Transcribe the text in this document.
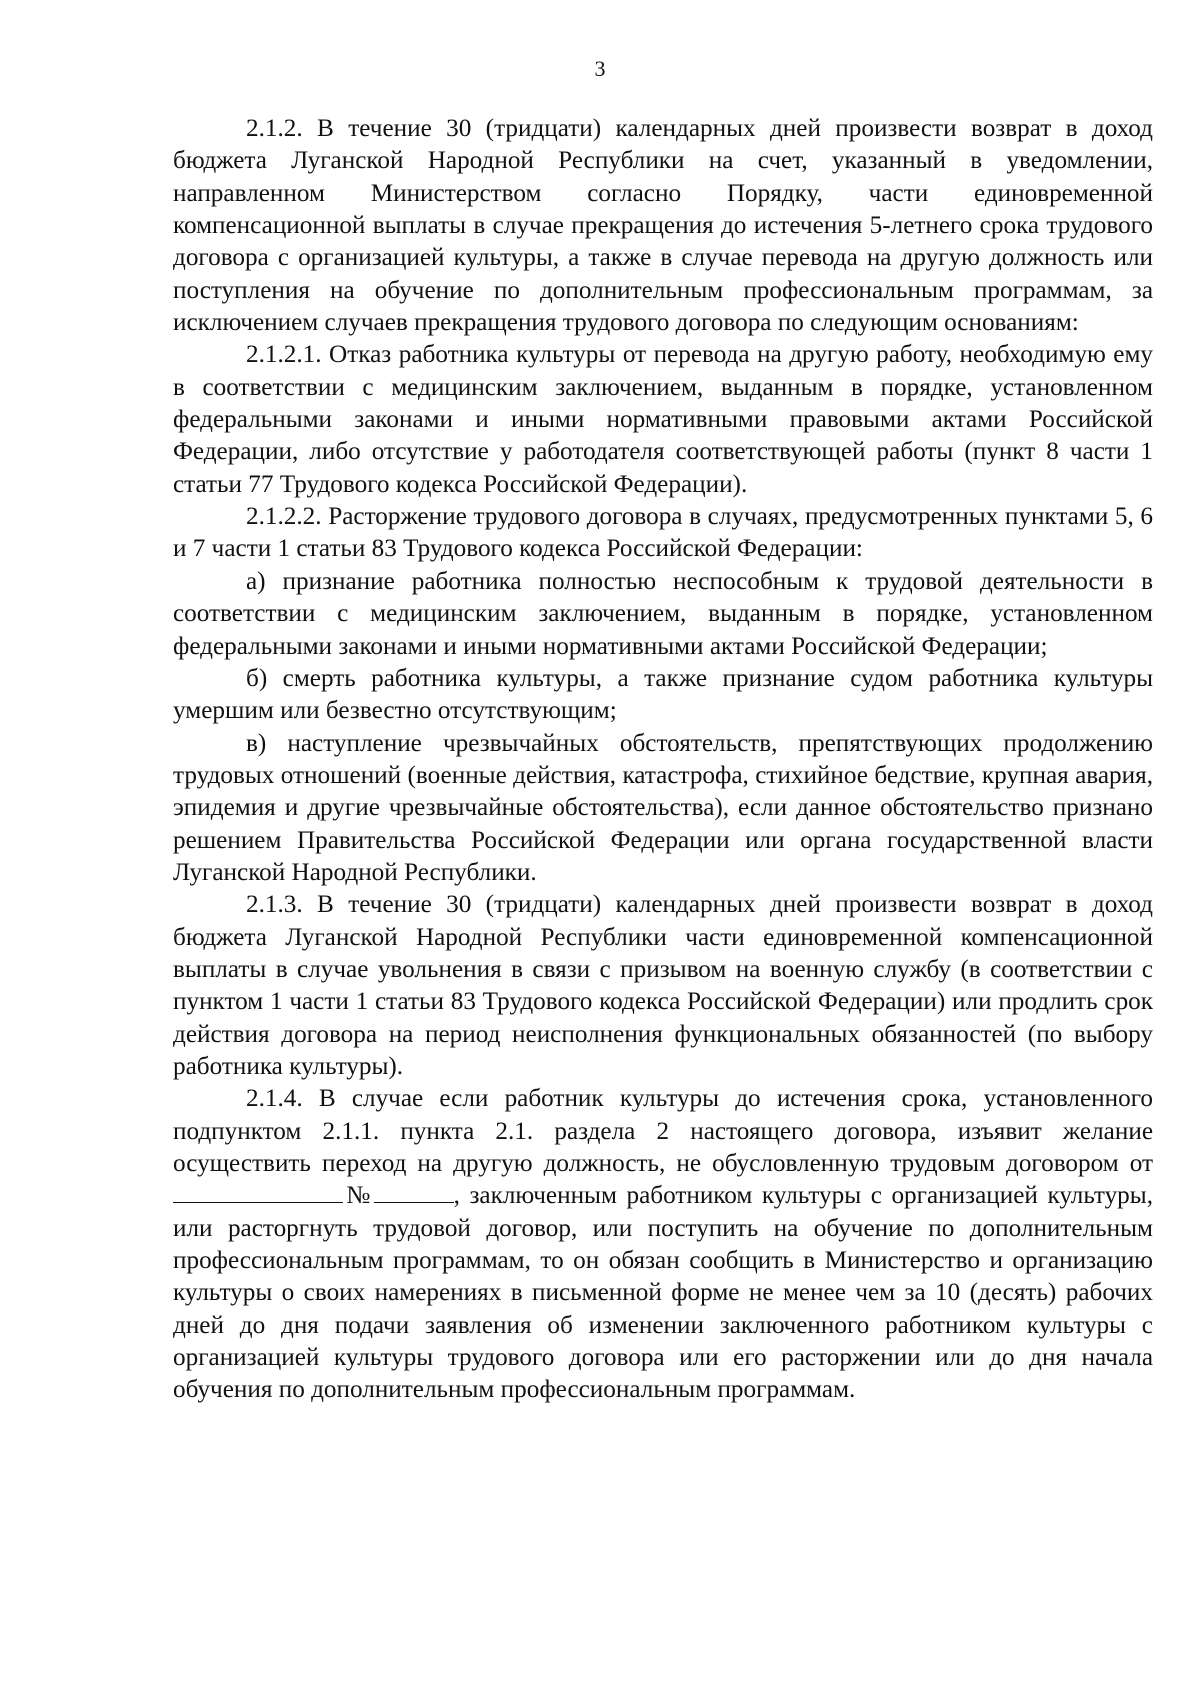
3

2.1.2. В течение 30 (тридцати) календарных дней произвести возврат в доход бюджета Луганской Народной Республики на счет, указанный в уведомлении, направленном Министерством согласно Порядку, части единовременной компенсационной выплаты в случае прекращения до истечения 5-летнего срока трудового договора с организацией культуры, а также в случае перевода на другую должность или поступления на обучение по дополнительным профессиональным программам, за исключением случаев прекращения трудового договора по следующим основаниям:

2.1.2.1. Отказ работника культуры от перевода на другую работу, необходимую ему в соответствии с медицинским заключением, выданным в порядке, установленном федеральными законами и иными нормативными правовыми актами Российской Федерации, либо отсутствие у работодателя соответствующей работы (пункт 8 части 1 статьи 77 Трудового кодекса Российской Федерации).

2.1.2.2. Расторжение трудового договора в случаях, предусмотренных пунктами 5, 6 и 7 части 1 статьи 83 Трудового кодекса Российской Федерации:

а) признание работника полностью неспособным к трудовой деятельности в соответствии с медицинским заключением, выданным в порядке, установленном федеральными законами и иными нормативными актами Российской Федерации;

б) смерть работника культуры, а также признание судом работника культуры умершим или безвестно отсутствующим;

в) наступление чрезвычайных обстоятельств, препятствующих продолжению трудовых отношений (военные действия, катастрофа, стихийное бедствие, крупная авария, эпидемия и другие чрезвычайные обстоятельства), если данное обстоятельство признано решением Правительства Российской Федерации или органа государственной власти Луганской Народной Республики.

2.1.3. В течение 30 (тридцати) календарных дней произвести возврат в доход бюджета Луганской Народной Республики части единовременной компенсационной выплаты в случае увольнения в связи с призывом на военную службу (в соответствии с пунктом 1 части 1 статьи 83 Трудового кодекса Российской Федерации) или продлить срок действия договора на период неисполнения функциональных обязанностей (по выбору работника культуры).

2.1.4. В случае если работник культуры до истечения срока, установленного подпунктом 2.1.1. пункта 2.1. раздела 2 настоящего договора, изъявит желание осуществить переход на другую должность, не обусловленную трудовым договором от №	, заключенным работником культуры с организацией культуры, или расторгнуть трудовой договор, или поступить на обучение по дополнительным профессиональным программам, то он обязан сообщить в Министерство и организацию культуры о своих намерениях в письменной форме не менее чем за 10 (десять) рабочих дней до дня подачи заявления об изменении заключенного работником культуры с организацией культуры трудового договора или его расторжении или до дня начала обучения по дополнительным профессиональным программам.
